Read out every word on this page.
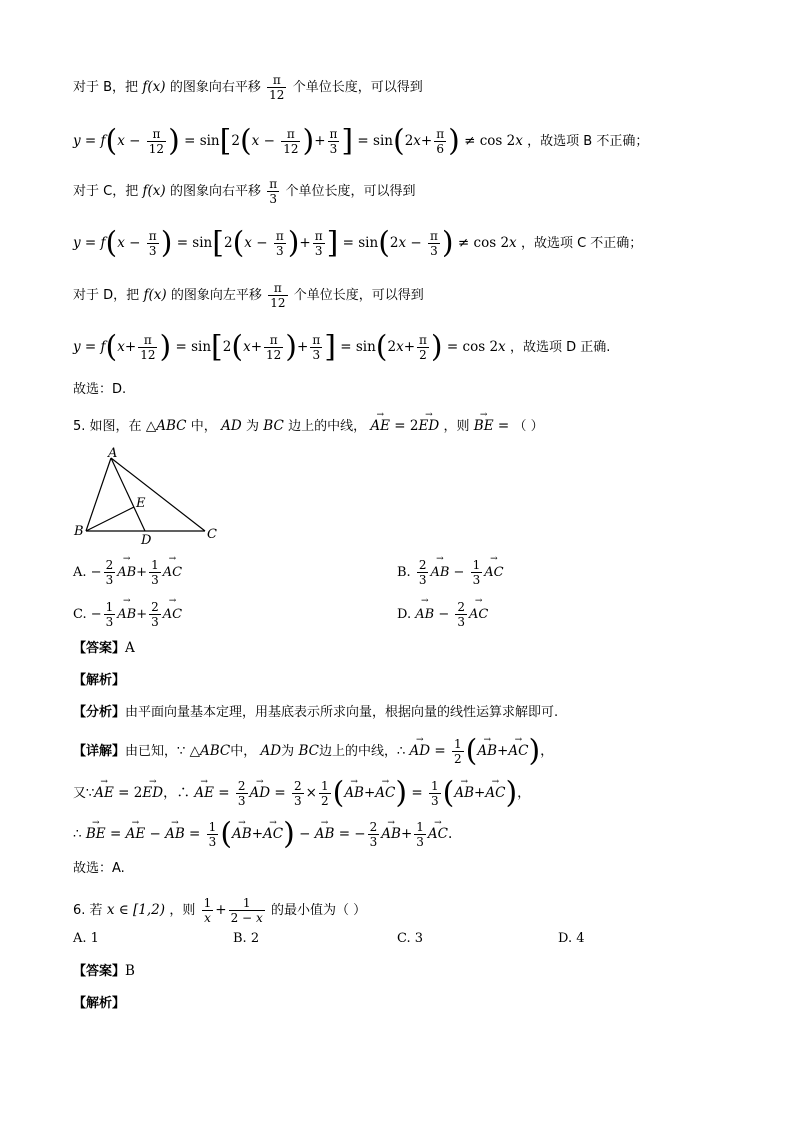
对于 B，把 f(x) 的图象向右平移 $\frac{\pi}{12}$ 个单位长度，可以得到
$y = f(x - \frac{\pi}{12}$ ) = $\sin[2(x - \frac{\pi}{12}$ )+ $\frac{\pi}{3}$ ] = $\sin(2x+ \frac{\pi}{6}$ ) ≠ cos 2x ，故选项 B 不正确；
对于 C，把 f(x) 的图象向右平移 $\frac{\pi}{3}$ 个单位长度，可以得到
$y = f(x - \frac{\pi}{3}$ ) = $\sin[2(x - \frac{\pi}{3}$ )+ $\frac{\pi}{3}$ ] = $\sin(2x - \frac{\pi}{3}$ ) ≠ cos 2x ，故选项 C 不正确；
对于 D，把 f(x) 的图象向左平移 $\frac{\pi}{12}$ 个单位长度，可以得到
$y = f(x+ \frac{\pi}{12}$ ) = $\sin[2(x+ \frac{\pi}{12}$ )+ $\frac{\pi}{3}$ ] = $\sin(2x+ \frac{\pi}{2}$ ) = cos 2x ，故选项 D 正确.
故选：D.
5. 如图，在 △ABC 中， AD 为 BC 边上的中线， → AE = 2→ ED ，则 → BE = （ ）
A
B	C
D
E
A. − $\frac{2}{3}$
→ $AB+ \frac{1}{3}$
→ AC	B. $\frac{2}{3}$
→ AB − $\frac{1}{3}$
→ AC
C. − $\frac{1}{3}$
→ $AB+ \frac{2}{3}$
→ AC	D. → AB − $\frac{2}{3}$
→ AC
【答案】A
【解析】
【分析】由平面向量基本定理，用基底表示所求向量，根据向量的线性运算求解即可.
【详解】由已知，∵ △ABC中， AD为 BC边上的中线，∴ → AD = $\frac{1}{2}$ (→ AB+→ AC)，
又∵→ AE = 2→ ED，∴ → AE = $\frac{2}{3}$
→ AD = $\frac{2}{3} \times \frac{1}{2}$ (→ $AB+\to AC) = \frac{1}{3}$ (→ AB+→ AC)，
∴ → BE = → AE − → AB = $\frac{1}{3}$ (→ AB+→ AC) − → AB = − $\frac{2}{3}$
→ $AB+ \frac{1}{3}$
→ AC.
故选：A.
6. 若 x ∈ [1,2) ，则 $\frac{1}{x} + \frac{1}{2 - x}$ 的最小值为（ ）
A. 1	B. 2	C. 3	D. 4
【答案】B
【解析】
